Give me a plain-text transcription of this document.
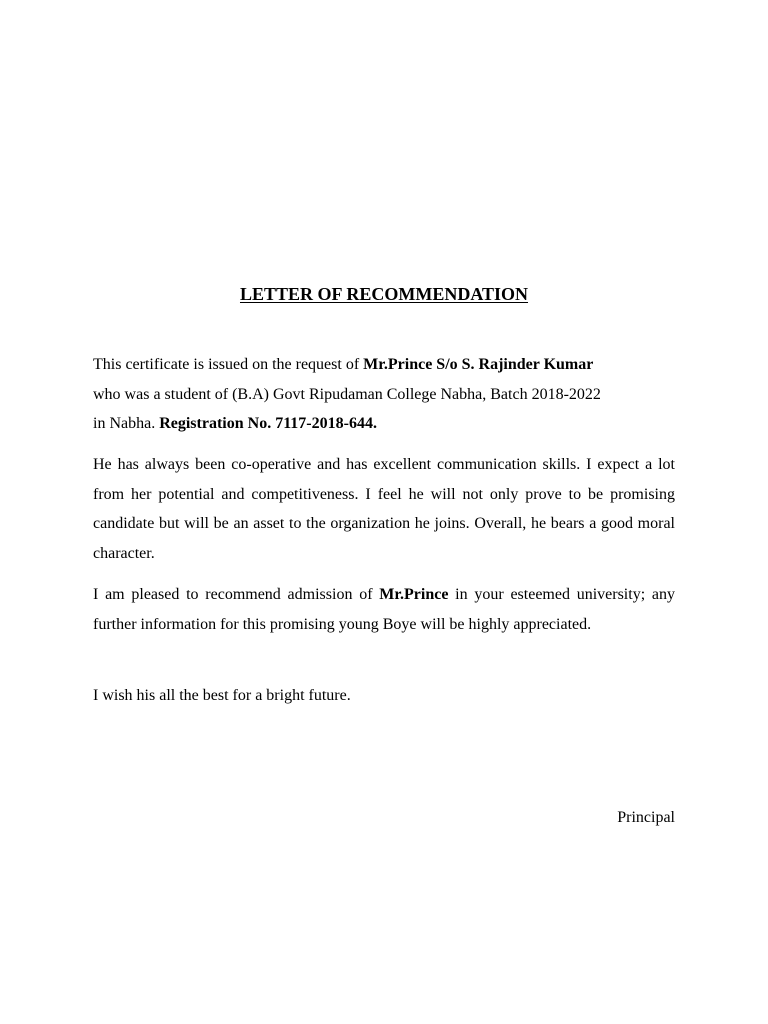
LETTER OF RECOMMENDATION

This certificate is issued on the request of Mr.Prince S/o S. Rajinder Kumar
who was a student of (B.A) Govt Ripudaman College Nabha, Batch 2018-2022
in Nabha. Registration No. 7117-2018-644.

He has always been co-operative and has excellent communication skills. I expect a lot from her potential and competitiveness. I feel he will not only prove to be promising candidate but will be an asset to the organization he joins. Overall, he bears a good moral character.

I am pleased to recommend admission of Mr.Prince in your esteemed university; any further information for this promising young Boye will be highly appreciated.

I wish his all the best for a bright future.

Principal
